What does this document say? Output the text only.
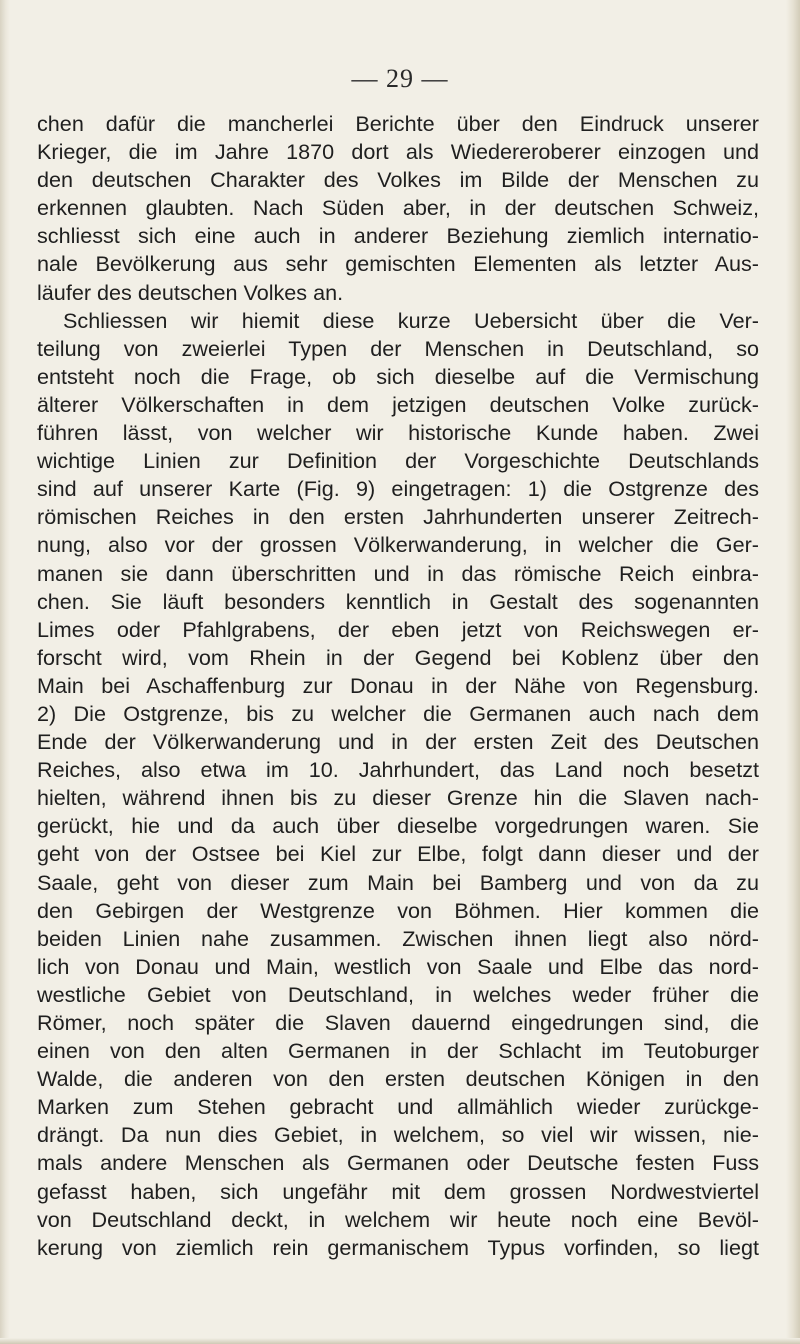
— 29 —
chen dafür die mancherlei Berichte über den Eindruck unserer
Krieger, die im Jahre 1870 dort als Wiedereroberer einzogen und
den deutschen Charakter des Volkes im Bilde der Menschen zu
erkennen glaubten. Nach Süden aber, in der deutschen Schweiz,
schliesst sich eine auch in anderer Beziehung ziemlich internatio-
nale Bevölkerung aus sehr gemischten Elementen als letzter Aus-
läufer des deutschen Volkes an.
Schliessen wir hiemit diese kurze Uebersicht über die Ver-
teilung von zweierlei Typen der Menschen in Deutschland, so
entsteht noch die Frage, ob sich dieselbe auf die Vermischung
älterer Völkerschaften in dem jetzigen deutschen Volke zurück-
führen lässt, von welcher wir historische Kunde haben. Zwei
wichtige Linien zur Definition der Vorgeschichte Deutschlands
sind auf unserer Karte (Fig. 9) eingetragen: 1) die Ostgrenze des
römischen Reiches in den ersten Jahrhunderten unserer Zeitrech-
nung, also vor der grossen Völkerwanderung, in welcher die Ger-
manen sie dann überschritten und in das römische Reich einbra-
chen. Sie läuft besonders kenntlich in Gestalt des sogenannten
Limes oder Pfahlgrabens, der eben jetzt von Reichswegen er-
forscht wird, vom Rhein in der Gegend bei Koblenz über den
Main bei Aschaffenburg zur Donau in der Nähe von Regensburg.
2) Die Ostgrenze, bis zu welcher die Germanen auch nach dem
Ende der Völkerwanderung und in der ersten Zeit des Deutschen
Reiches, also etwa im 10. Jahrhundert, das Land noch besetzt
hielten, während ihnen bis zu dieser Grenze hin die Slaven nach-
gerückt, hie und da auch über dieselbe vorgedrungen waren. Sie
geht von der Ostsee bei Kiel zur Elbe, folgt dann dieser und der
Saale, geht von dieser zum Main bei Bamberg und von da zu
den Gebirgen der Westgrenze von Böhmen. Hier kommen die
beiden Linien nahe zusammen. Zwischen ihnen liegt also nörd-
lich von Donau und Main, westlich von Saale und Elbe das nord-
westliche Gebiet von Deutschland, in welches weder früher die
Römer, noch später die Slaven dauernd eingedrungen sind, die
einen von den alten Germanen in der Schlacht im Teutoburger
Walde, die anderen von den ersten deutschen Königen in den
Marken zum Stehen gebracht und allmählich wieder zurückge-
drängt. Da nun dies Gebiet, in welchem, so viel wir wissen, nie-
mals andere Menschen als Germanen oder Deutsche festen Fuss
gefasst haben, sich ungefähr mit dem grossen Nordwestviertel
von Deutschland deckt, in welchem wir heute noch eine Bevöl-
kerung von ziemlich rein germanischem Typus vorfinden, so liegt
